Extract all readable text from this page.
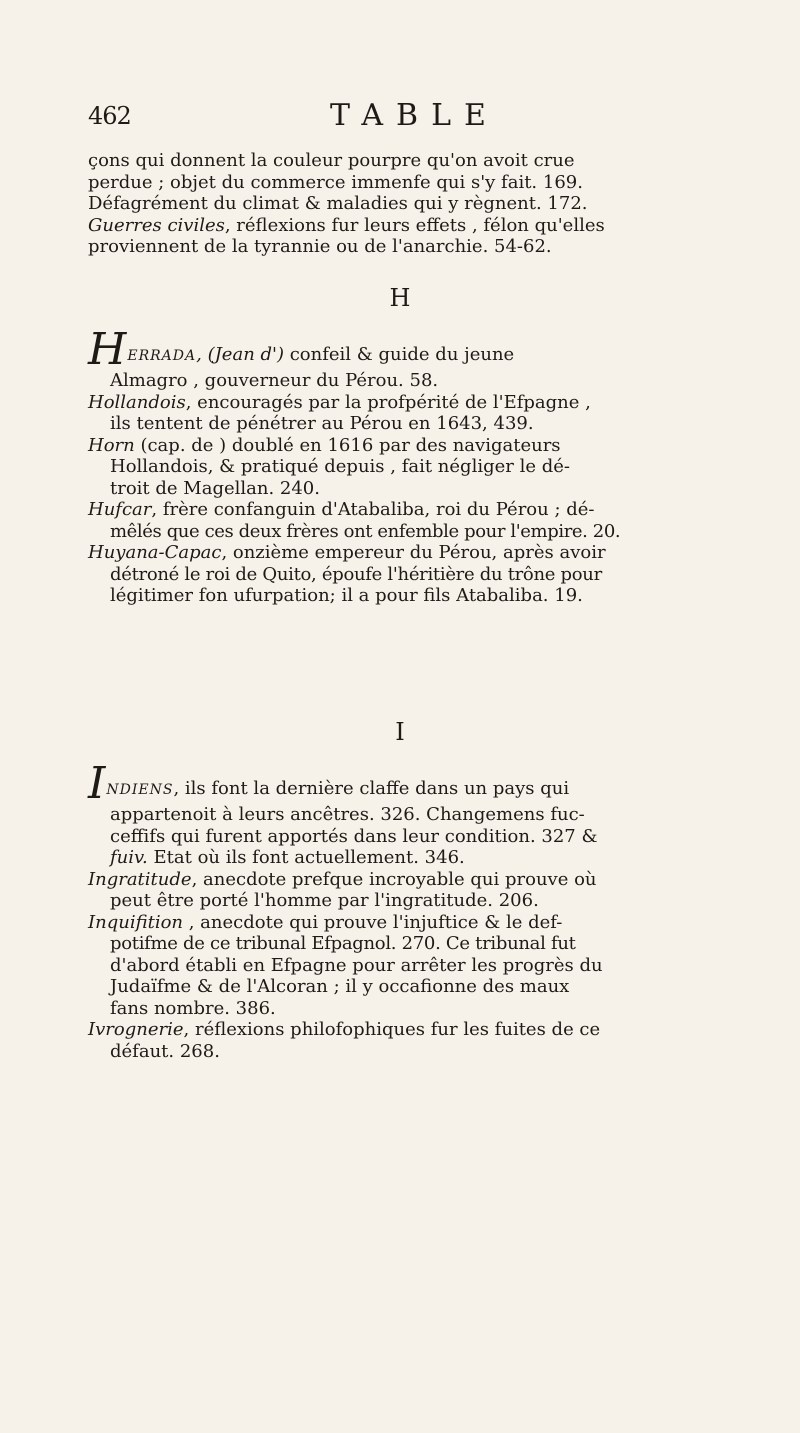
462	TABLE
çons qui donnent la couleur pourpre qu'on avoit crue
perdue ; objet du commerce immenfe qui s'y fait. 169.
Défagrément du climat & maladies qui y règnent. 172.
Guerres civiles, réflexions fur leurs effets , félon qu'elles
proviennent de la tyrannie ou de l'anarchie. 54-62.
H
HERRADA, (Jean d') confeil & guide du jeune
Almagro , gouverneur du Pérou. 58.
Hollandois, encouragés par la profpérité de l'Efpagne ,
ils tentent de pénétrer au Pérou en 1643, 439.
Horn (cap. de ) doublé en 1616 par des navigateurs
Hollandois, & pratiqué depuis , fait négliger le dé-
troit de Magellan. 240.
Hufcar, frère confanguin d'Atabaliba, roi du Pérou ; dé-
mêlés que ces deux frères ont enfemble pour l'empire. 20.
Huyana-Capac, onzième empereur du Pérou, après avoir
détroné le roi de Quito, époufe l'héritière du trône pour
légitimer fon ufurpation; il a pour fils Atabaliba. 19.
I
INDIENS, ils font la dernière claffe dans un pays qui
appartenoit à leurs ancêtres. 326. Changemens fuc-
ceffifs qui furent apportés dans leur condition. 327 &
fuiv. Etat où ils font actuellement. 346.
Ingratitude, anecdote prefque incroyable qui prouve où
peut être porté l'homme par l'ingratitude. 206.
Inquifition , anecdote qui prouve l'injuftice & le def-
potifme de ce tribunal Efpagnol. 270. Ce tribunal fut
d'abord établi en Efpagne pour arrêter les progrès du
Judaïfme & de l'Alcoran ; il y occafionne des maux
fans nombre. 386.
Ivrognerie, réflexions philofophiques fur les fuites de ce
défaut. 268.
